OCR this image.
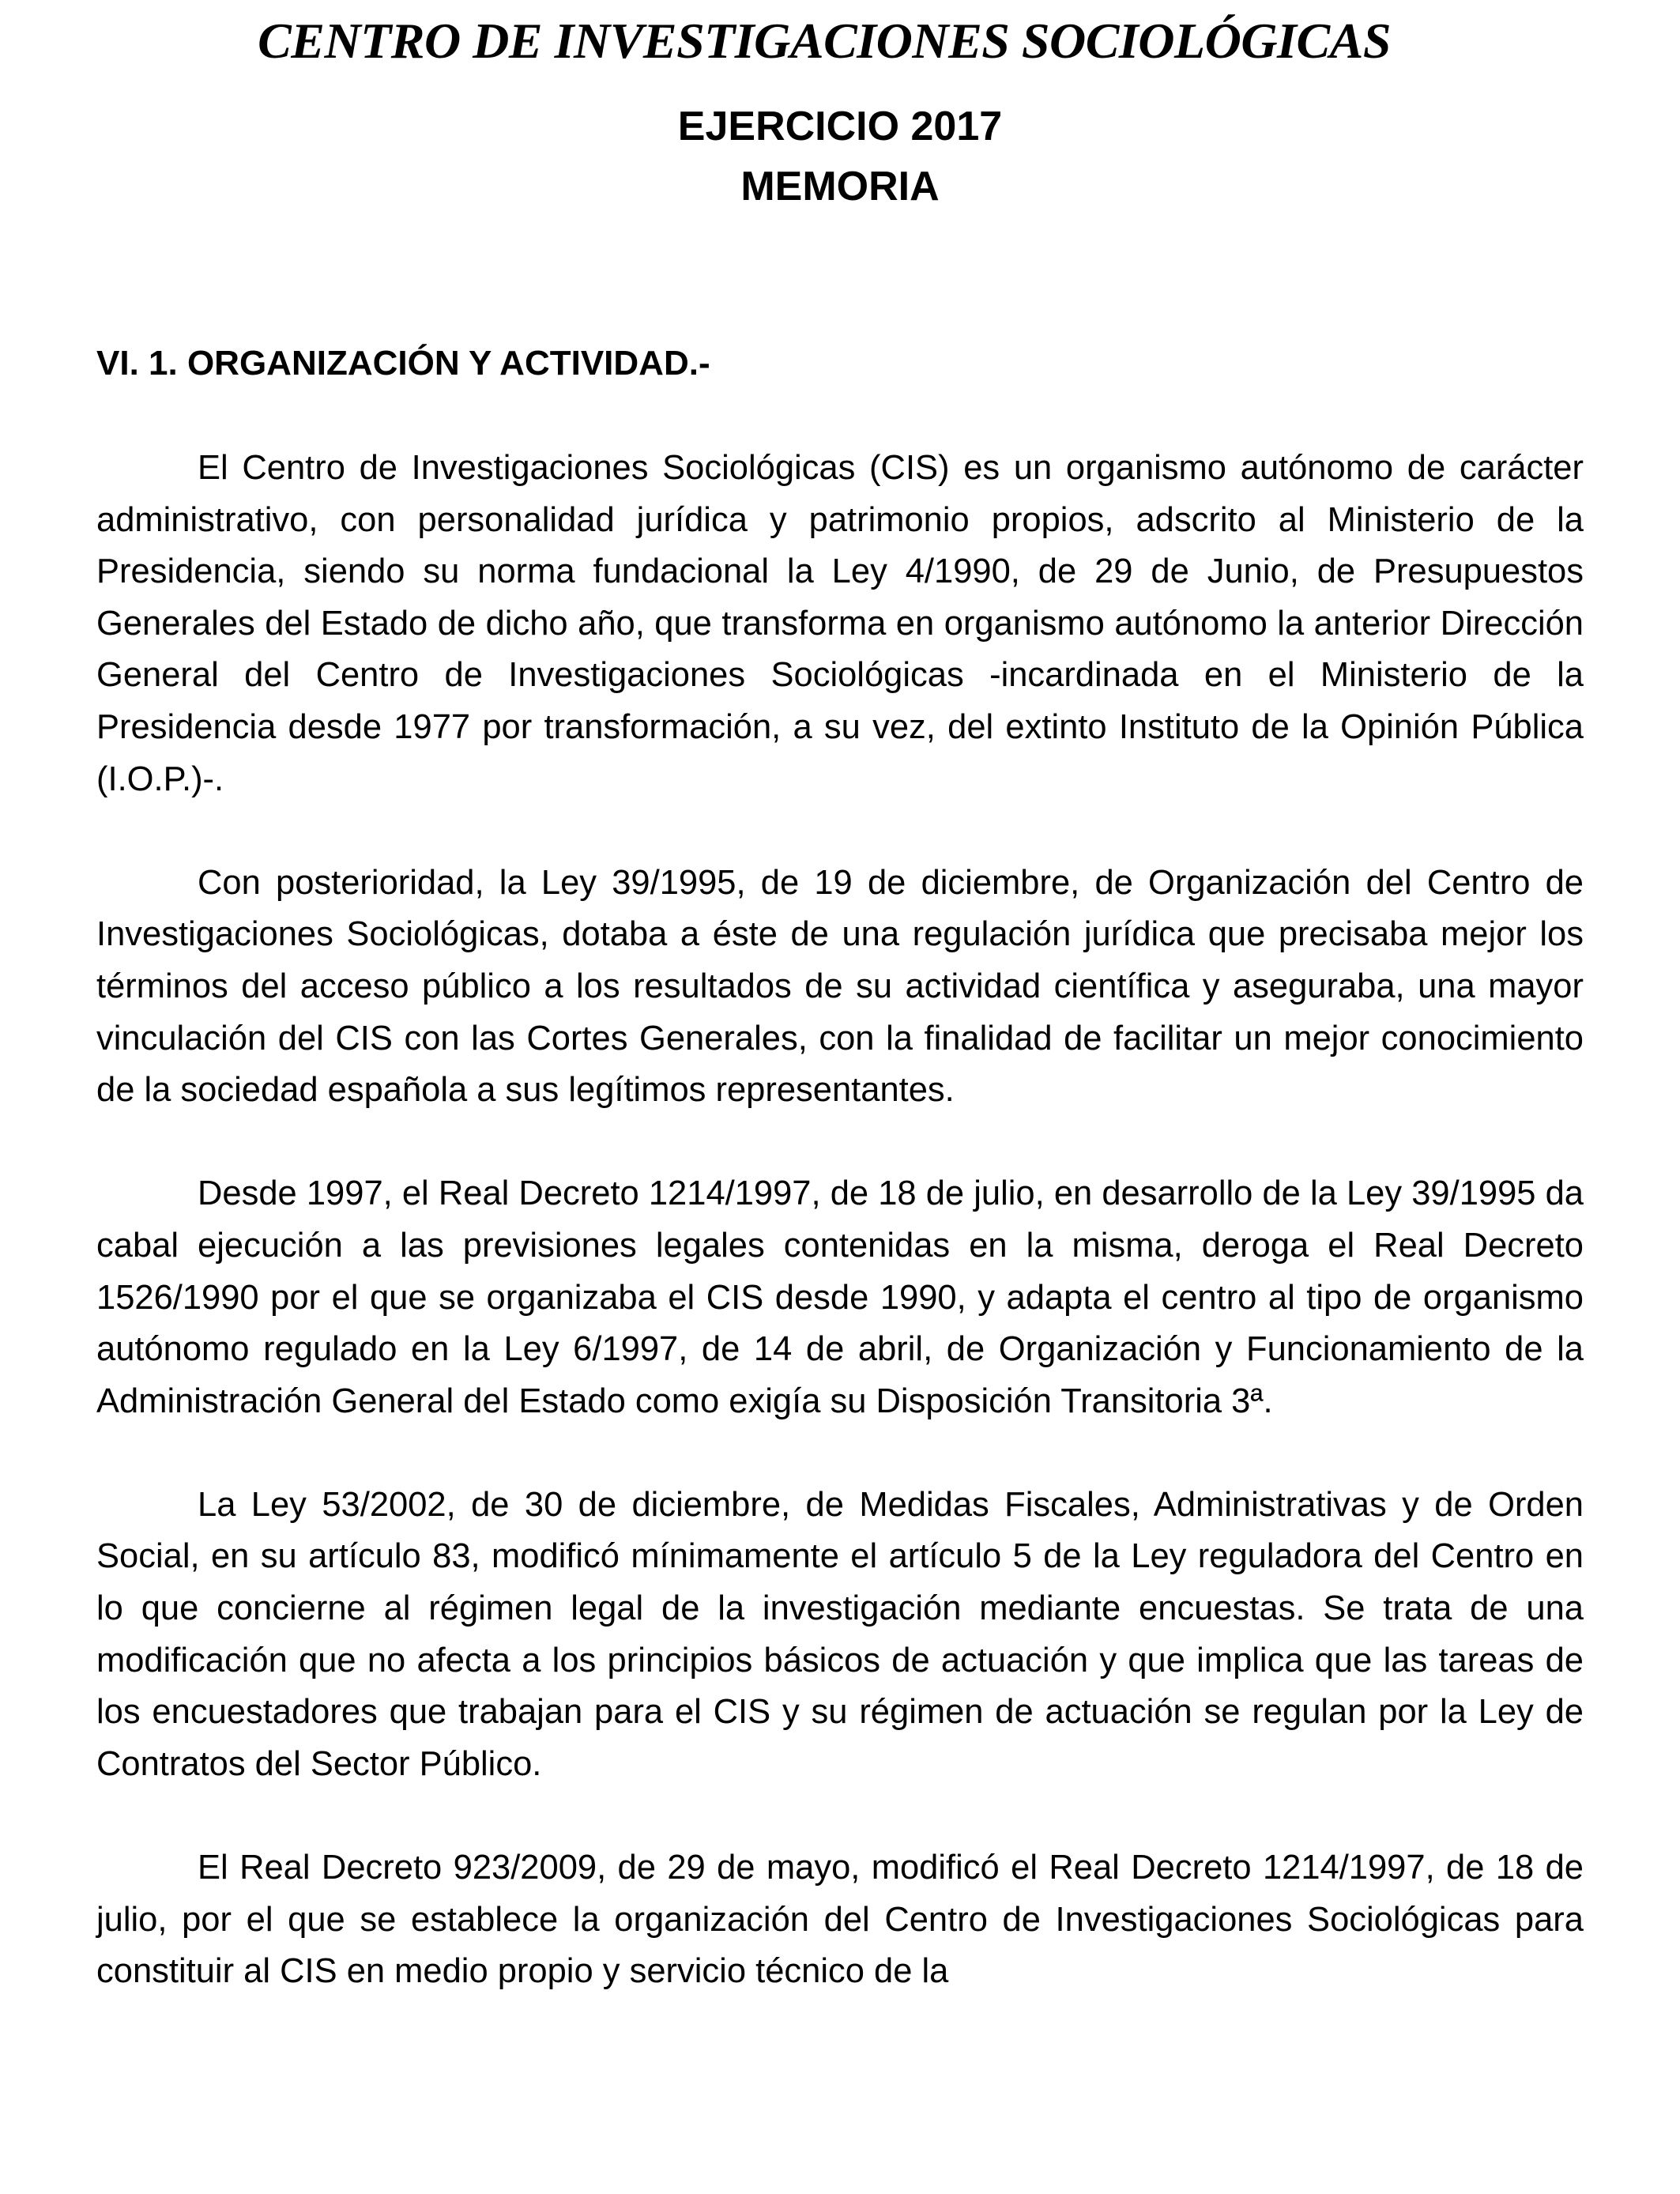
CENTRO DE INVESTIGACIONES SOCIOLÓGICAS
EJERCICIO 2017
MEMORIA
VI. 1. ORGANIZACIÓN Y ACTIVIDAD.-

El Centro de Investigaciones Sociológicas (CIS) es un organismo autónomo de carácter administrativo, con personalidad jurídica y patrimonio propios, adscrito al Ministerio de la Presidencia, siendo su norma fundacional la Ley 4/1990, de 29 de Junio, de Presupuestos Generales del Estado de dicho año, que transforma en organismo autónomo la anterior Dirección General del Centro de Investigaciones Sociológicas -incardinada en el Ministerio de la Presidencia desde 1977 por transformación, a su vez, del extinto Instituto de la Opinión Pública (I.O.P.)-.

Con posterioridad, la Ley 39/1995, de 19 de diciembre, de Organización del Centro de Investigaciones Sociológicas, dotaba a éste de una regulación jurídica que precisaba mejor los términos del acceso público a los resultados de su actividad científica y aseguraba, una mayor vinculación del CIS con las Cortes Generales, con la finalidad de facilitar un mejor conocimiento de la sociedad española a sus legítimos representantes.

Desde 1997, el Real Decreto 1214/1997, de 18 de julio, en desarrollo de la Ley 39/1995 da cabal ejecución a las previsiones legales contenidas en la misma, deroga el Real Decreto 1526/1990 por el que se organizaba el CIS desde 1990, y adapta el centro al tipo de organismo autónomo regulado en la Ley 6/1997, de 14 de abril, de Organización y Funcionamiento de la Administración General del Estado como exigía su Disposición Transitoria 3ª.

La Ley 53/2002, de 30 de diciembre, de Medidas Fiscales, Administrativas y de Orden Social, en su artículo 83, modificó mínimamente el artículo 5 de la Ley reguladora del Centro en lo que concierne al régimen legal de la investigación mediante encuestas. Se trata de una modificación que no afecta a los principios básicos de actuación y que implica que las tareas de los encuestadores que trabajan para el CIS y su régimen de actuación se regulan por la Ley de Contratos del Sector Público.

El Real Decreto 923/2009, de 29 de mayo, modificó el Real Decreto 1214/1997, de 18 de julio, por el que se establece la organización del Centro de Investigaciones Sociológicas para constituir al CIS en medio propio y servicio técnico de la
